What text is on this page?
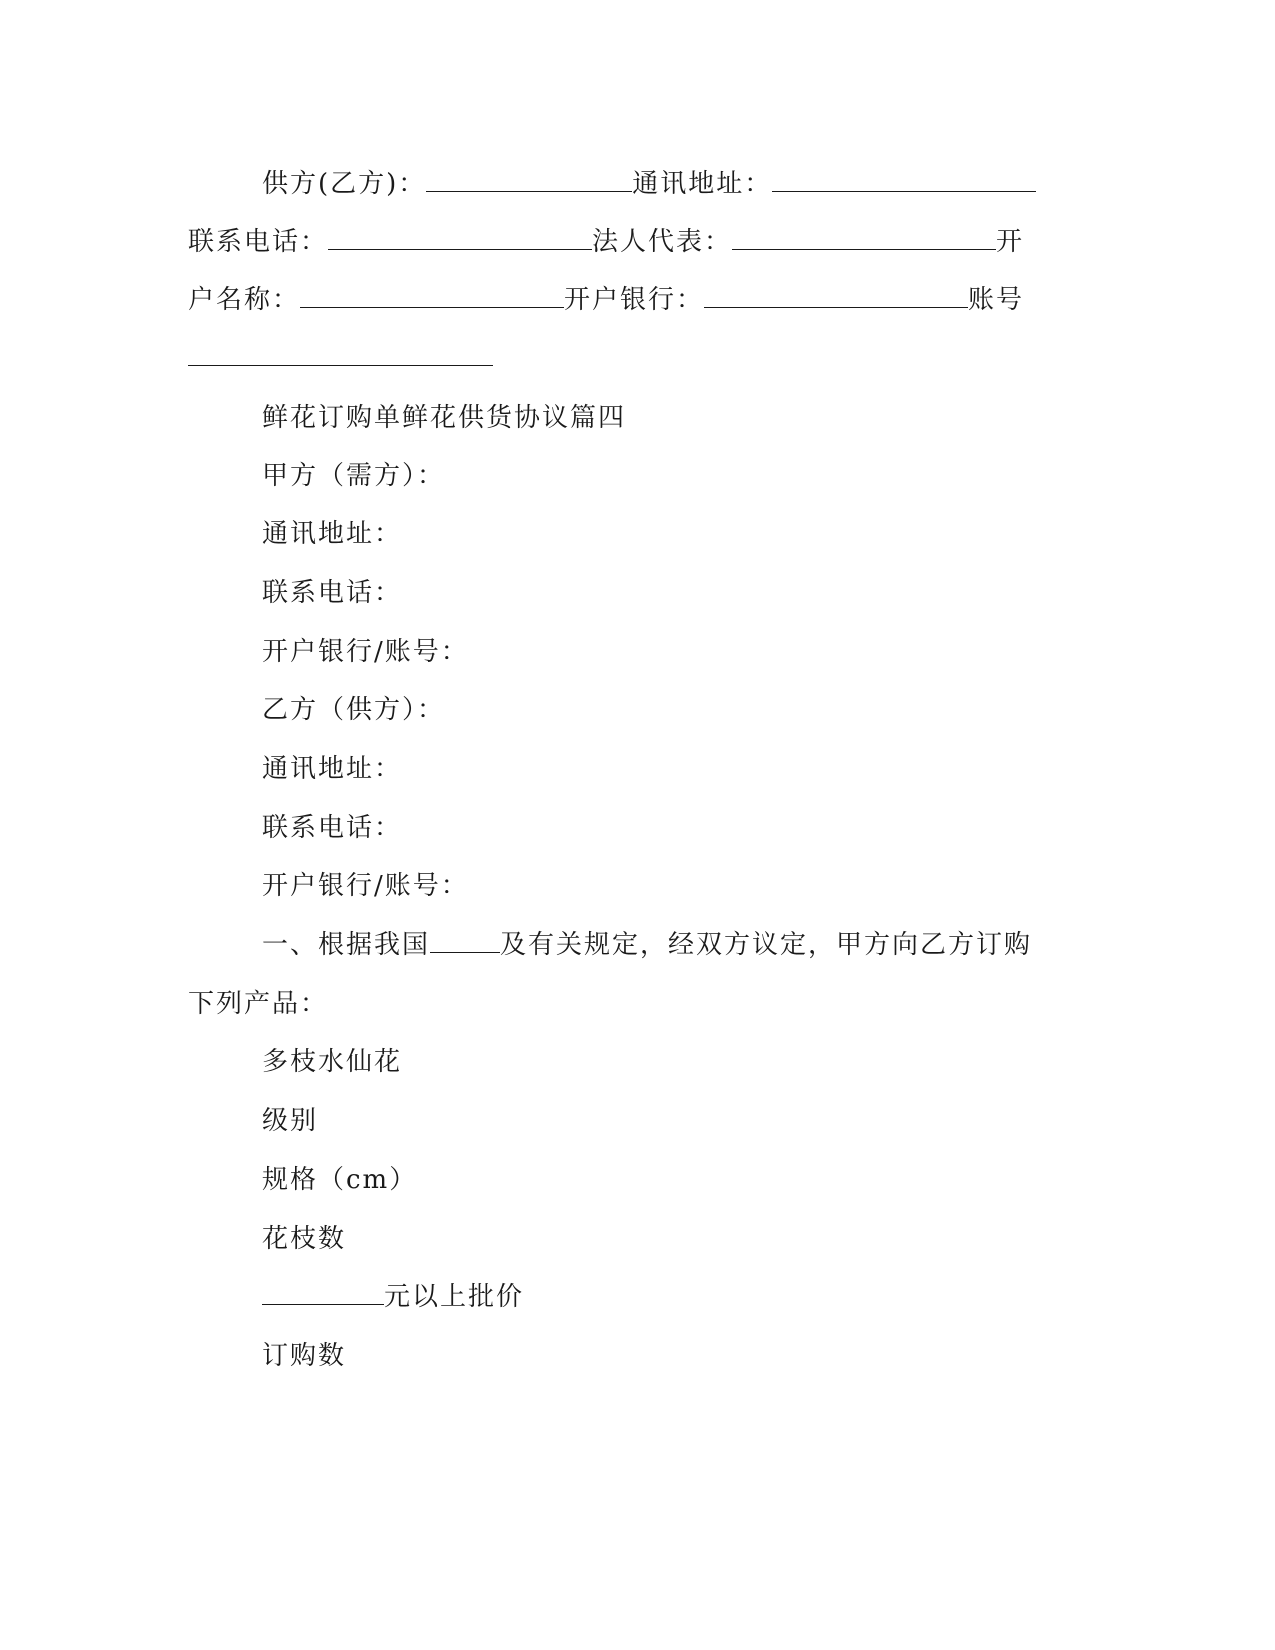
供方(乙方)：	通讯地址：
联系电话：	法人代表：	开
户名称：	开户银行：	账号
鲜花订购单鲜花供货协议篇四
甲方（需方）：
通讯地址：
联系电话：
开户银行/账号：
乙方（供方）：
通讯地址：
联系电话：
开户银行/账号：
一、根据我国	及有关规定，经双方议定，甲方向乙方订购
下列产品：
多枝水仙花
级别
规格（cm）
花枝数
元以上批价
订购数
